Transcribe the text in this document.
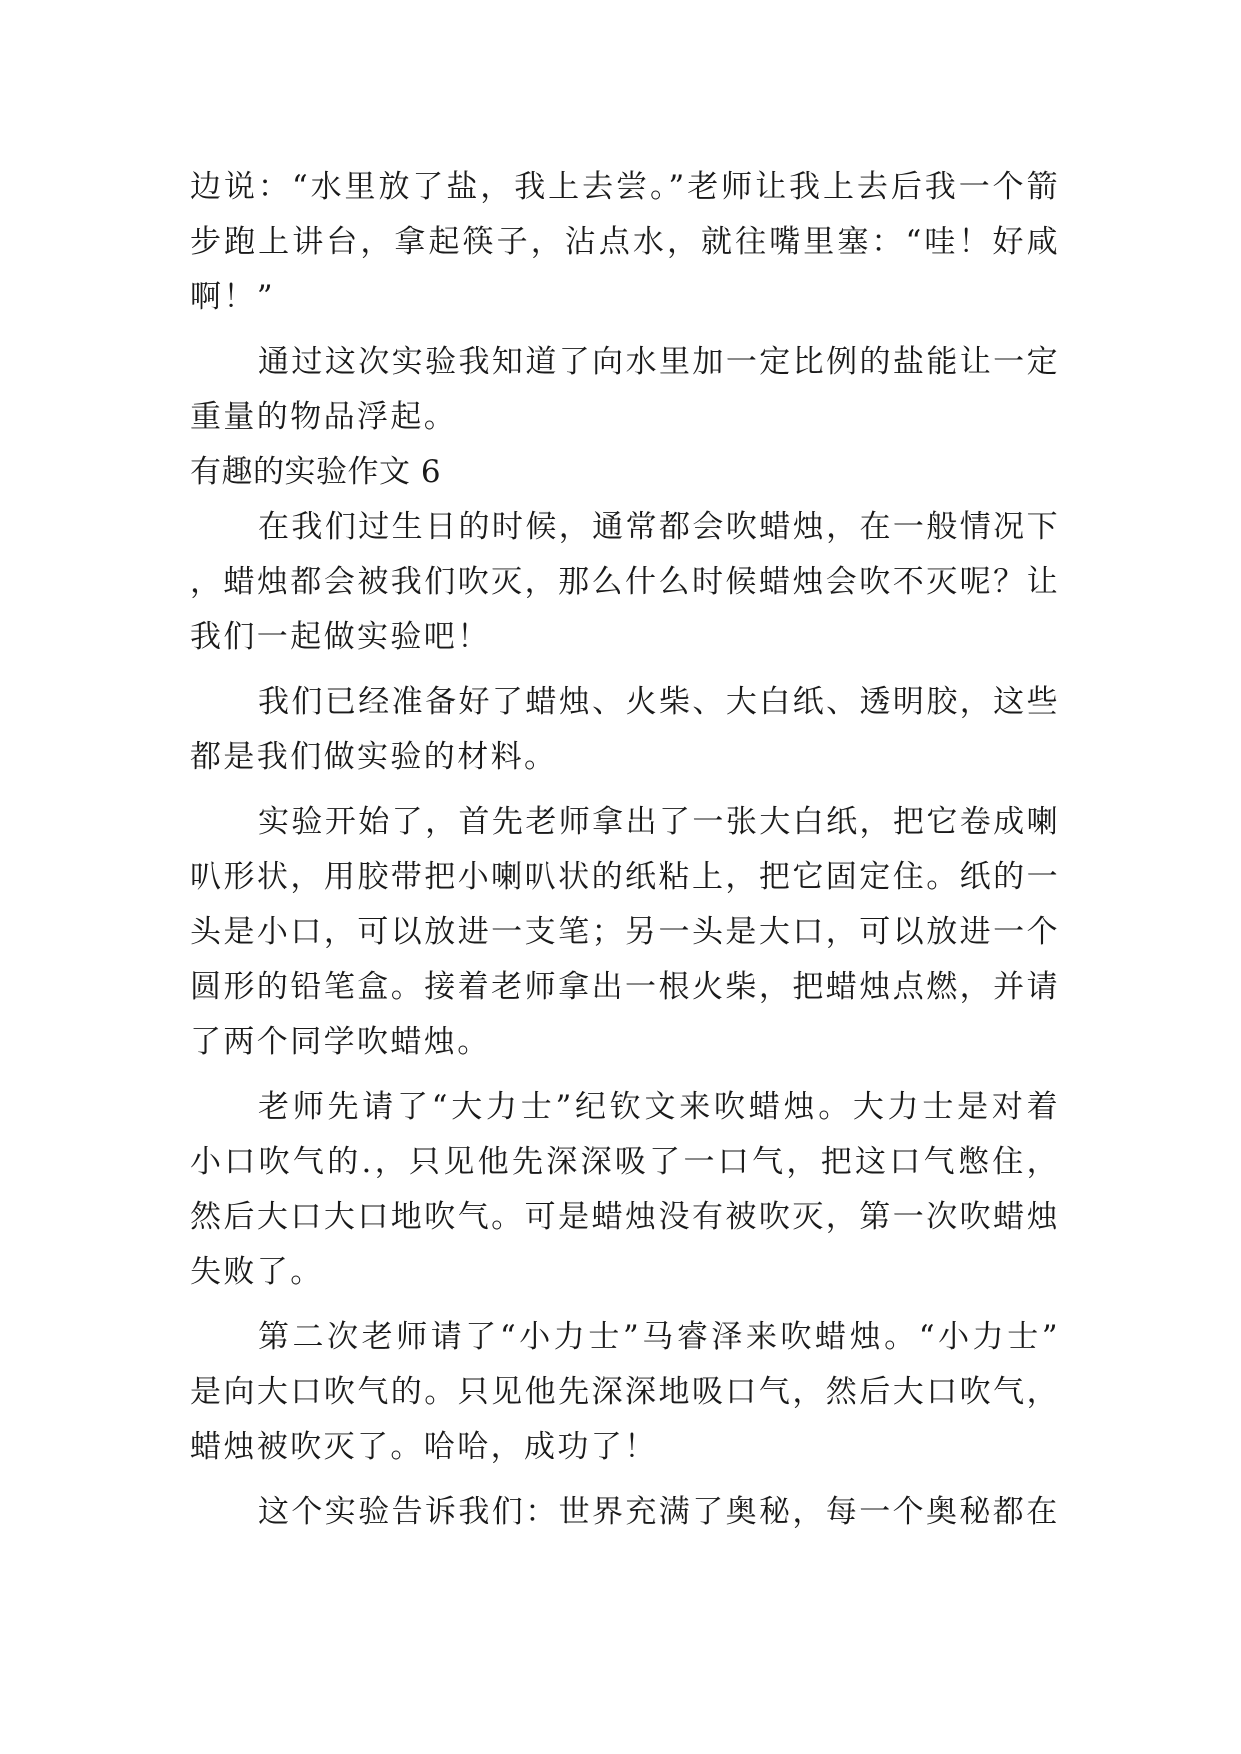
边说：“水里放了盐，我上去尝。”老师让我上去后我一个箭步跑上讲台，拿起筷子，沾点水，就往嘴里塞：“哇！好咸啊！”

通过这次实验我知道了向水里加一定比例的盐能让一定重量的物品浮起。

有趣的实验作文 6

在我们过生日的时候，通常都会吹蜡烛，在一般情况下，蜡烛都会被我们吹灭，那么什么时候蜡烛会吹不灭呢？让我们一起做实验吧！

我们已经准备好了蜡烛、火柴、大白纸、透明胶，这些都是我们做实验的材料。

实验开始了，首先老师拿出了一张大白纸，把它卷成喇叭形状，用胶带把小喇叭状的纸粘上，把它固定住。纸的一头是小口，可以放进一支笔；另一头是大口，可以放进一个圆形的铅笔盒。接着老师拿出一根火柴，把蜡烛点燃，并请了两个同学吹蜡烛。

老师先请了“大力士”纪钦文来吹蜡烛。大力士是对着小口吹气的.，只见他先深深吸了一口气，把这口气憋住，然后大口大口地吹气。可是蜡烛没有被吹灭，第一次吹蜡烛失败了。

第二次老师请了“小力士”马睿泽来吹蜡烛。“小力士”是向大口吹气的。只见他先深深地吸口气，然后大口吹气，蜡烛被吹灭了。哈哈，成功了！

这个实验告诉我们：世界充满了奥秘，每一个奥秘都在
